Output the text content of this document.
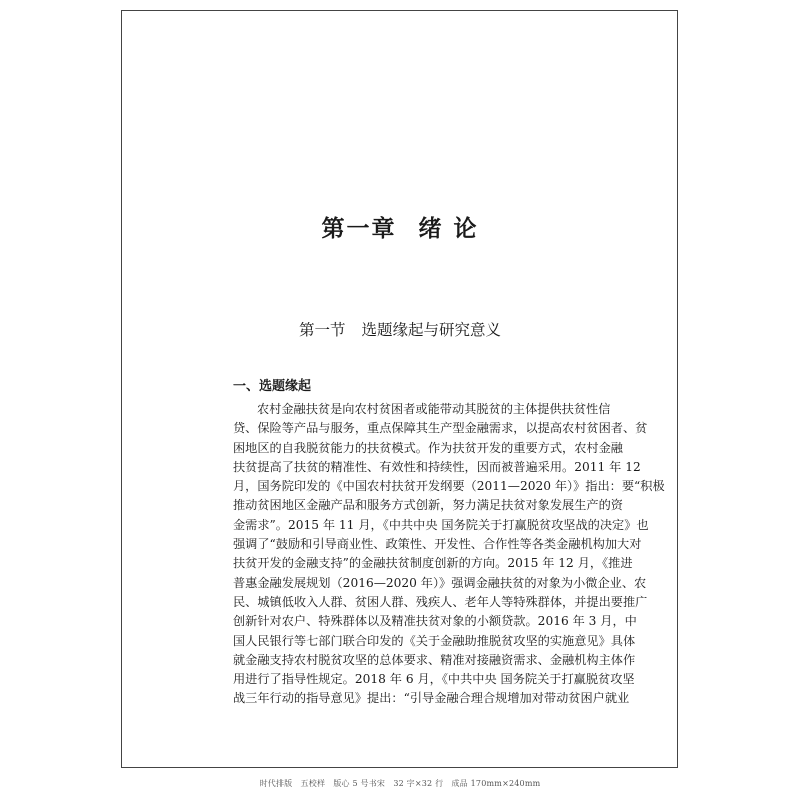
第一章 绪 论
第一节 选题缘起与研究意义
一、选题缘起
农村金融扶贫是向农村贫困者或能带动其脱贫的主体提供扶贫性信
贷、保险等产品与服务，重点保障其生产型金融需求，以提高农村贫困者、贫
困地区的自我脱贫能力的扶贫模式。作为扶贫开发的重要方式，农村金融
扶贫提高了扶贫的精准性、有效性和持续性，因而被普遍采用。2011 年 12
月，国务院印发的《中国农村扶贫开发纲要（2011—2020 年）》指出：要“积极
推动贫困地区金融产品和服务方式创新，努力满足扶贫对象发展生产的资
金需求”。2015 年 11 月，《中共中央 国务院关于打赢脱贫攻坚战的决定》也
强调了“鼓励和引导商业性、政策性、开发性、合作性等各类金融机构加大对
扶贫开发的金融支持”的金融扶贫制度创新的方向。2015 年 12 月，《推进
普惠金融发展规划（2016—2020 年）》强调金融扶贫的对象为小微企业、农
民、城镇低收入人群、贫困人群、残疾人、老年人等特殊群体，并提出要推广
创新针对农户、特殊群体以及精准扶贫对象的小额贷款。2016 年 3 月，中
国人民银行等七部门联合印发的《关于金融助推脱贫攻坚的实施意见》具体
就金融支持农村脱贫攻坚的总体要求、精准对接融资需求、金融机构主体作
用进行了指导性规定。2018 年 6 月，《中共中央 国务院关于打赢脱贫攻坚
战三年行动的指导意见》提出：“引导金融合理合规增加对带动贫困户就业
时代排版　五校样　版心 5 号书宋　32 字×32 行　成品 170mm×240mm
